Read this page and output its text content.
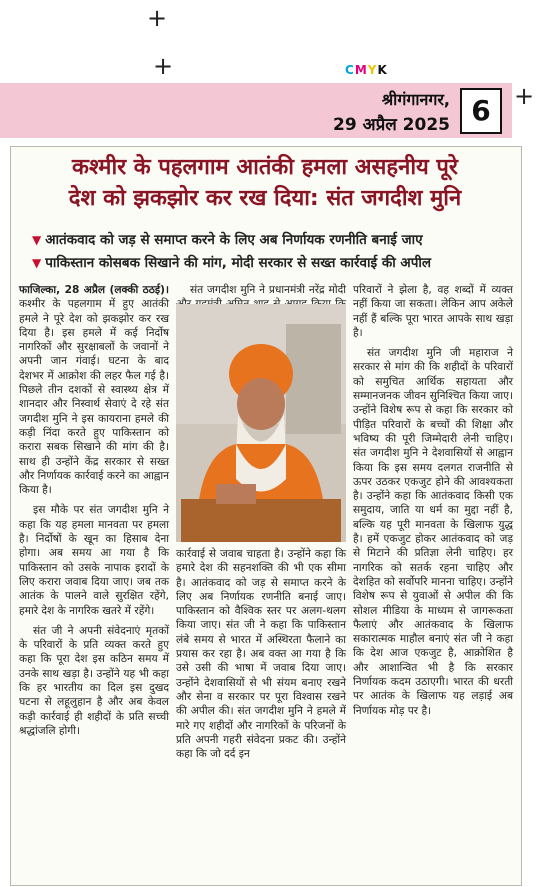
+
+
+
CMYK
श्रीगंगानगर,
29 अप्रैल 2025 6
कश्मीर के पहलगाम आतंकी हमला असहनीय पूरे
देश को झकझोर कर रख दिया: संत जगदीश मुनि
▼ आतंकवाद को जड़ से समाप्त करने के लिए अब निर्णायक रणनीति बनाई जाए
▼ पाकिस्तान कोसबक सिखाने की मांग, मोदी सरकार से सख्त कार्रवाई की अपील

फाजिल्का, 28 अप्रैल (लक्की ठठई)। कश्मीर के पहलगाम में हुए आतंकी हमले ने पूरे देश को झकझोर कर रख दिया है। इस हमले में कई निर्दोष नागरिकों और सुरक्षाबलों के जवानों ने अपनी जान गंवाई। घटना के बाद देशभर में आक्रोश की लहर फैल गई है। पिछले तीन दशकों से स्वास्थ्य क्षेत्र में शानदार और निस्वार्थ सेवाएं दे रहे संत जगदीश मुनि ने इस कायराना हमले की कड़ी निंदा करते हुए पाकिस्तान को करारा सबक सिखाने की मांग की है। साथ ही उन्होंने केंद्र सरकार से सख्त और निर्णायक कार्रवाई करने का आह्वान किया है।

इस मौके पर संत जगदीश मुनि ने कहा कि यह हमला मानवता पर हमला है। निर्दोषों के खून का हिसाब देना होगा। अब समय आ गया है कि पाकिस्तान को उसके नापाक इरादों के लिए करारा जवाब दिया जाए। जब तक आतंक के पालने वाले सुरक्षित रहेंगे, हमारे देश के नागरिक खतरे में रहेंगे।

संत जी ने अपनी संवेदनाएं मृतकों के परिवारों के प्रति व्यक्त करते हुए कहा कि पूरा देश इस कठिन समय में उनके साथ खड़ा है। उन्होंने यह भी कहा कि हर भारतीय का दिल इस दुखद घटना से लहूलुहान है और अब केवल कड़ी कार्रवाई ही शहीदों के प्रति सच्ची श्रद्धांजलि होगी।

संत जगदीश मुनि ने प्रधानमंत्री नरेंद्र मोदी

कार्रवाई से जवाब चाहता है। उन्होंने कहा कि हमारे देश की सहनशक्ति की भी एक सीमा है। आतंकवाद को जड़ से समाप्त करने के लिए अब निर्णायक रणनीति बनाई जाए। पाकिस्तान को वैश्विक स्तर पर अलग-थलग किया जाए। संत जी ने कहा कि पाकिस्तान लंबे समय से भारत में अस्थिरता फैलाने का प्रयास कर रहा है। अब वक्त आ गया है कि उसे उसी की भाषा में जवाब दिया जाए। उन्होंने देशवासियों से भी संयम बनाए रखने और सेना व सरकार पर पूरा विश्वास रखने की अपील की। संत जगदीश मुनि ने हमले में मारे गए शहीदों और नागरिकों के परिजनों के प्रति अपनी गहरी संवेदना प्रकट की। उन्होंने कहा कि जो दर्द इन

परिवारों ने झेला है, वह शब्दों में व्यक्त नहीं किया जा सकता। लेकिन आप अकेले नहीं हैं बल्कि पूरा भारत आपके साथ खड़ा है।

संत जगदीश मुनि जी महाराज ने सरकार से मांग की कि शहीदों के परिवारों को समुचित आर्थिक सहायता और सम्मानजनक जीवन सुनिश्चित किया जाए। उन्होंने विशेष रूप से कहा कि सरकार को पीड़ित परिवारों के बच्चों की शिक्षा और भविष्य की पूरी जिम्मेदारी लेनी चाहिए। संत जगदीश मुनि ने देशवासियों से आह्वान किया कि इस समय दलगत राजनीति से ऊपर उठकर एकजुट होने की आवश्यकता है। उन्होंने कहा कि आतंकवाद किसी एक समुदाय, जाति या धर्म का मुद्दा नहीं है, बल्कि यह पूरी मानवता के खिलाफ युद्ध है। हमें एकजुट होकर आतंकवाद को जड़ से मिटाने की प्रतिज्ञा लेनी चाहिए। हर नागरिक को सतर्क रहना चाहिए और देशहित को सर्वोपरि मानना चाहिए। उन्होंने विशेष रूप से युवाओं से अपील की कि सोशल मीडिया के माध्यम से जागरूकता फैलाएं और आतंकवाद के खिलाफ सकारात्मक माहौल बनाएं संत जी ने कहा कि देश आज एकजुट है, आक्रोशित है और आशान्वित भी है कि सरकार निर्णायक कदम उठाएगी। भारत की धरती पर आतंक के खिलाफ यह लड़ाई अब निर्णायक मोड़ पर है।
